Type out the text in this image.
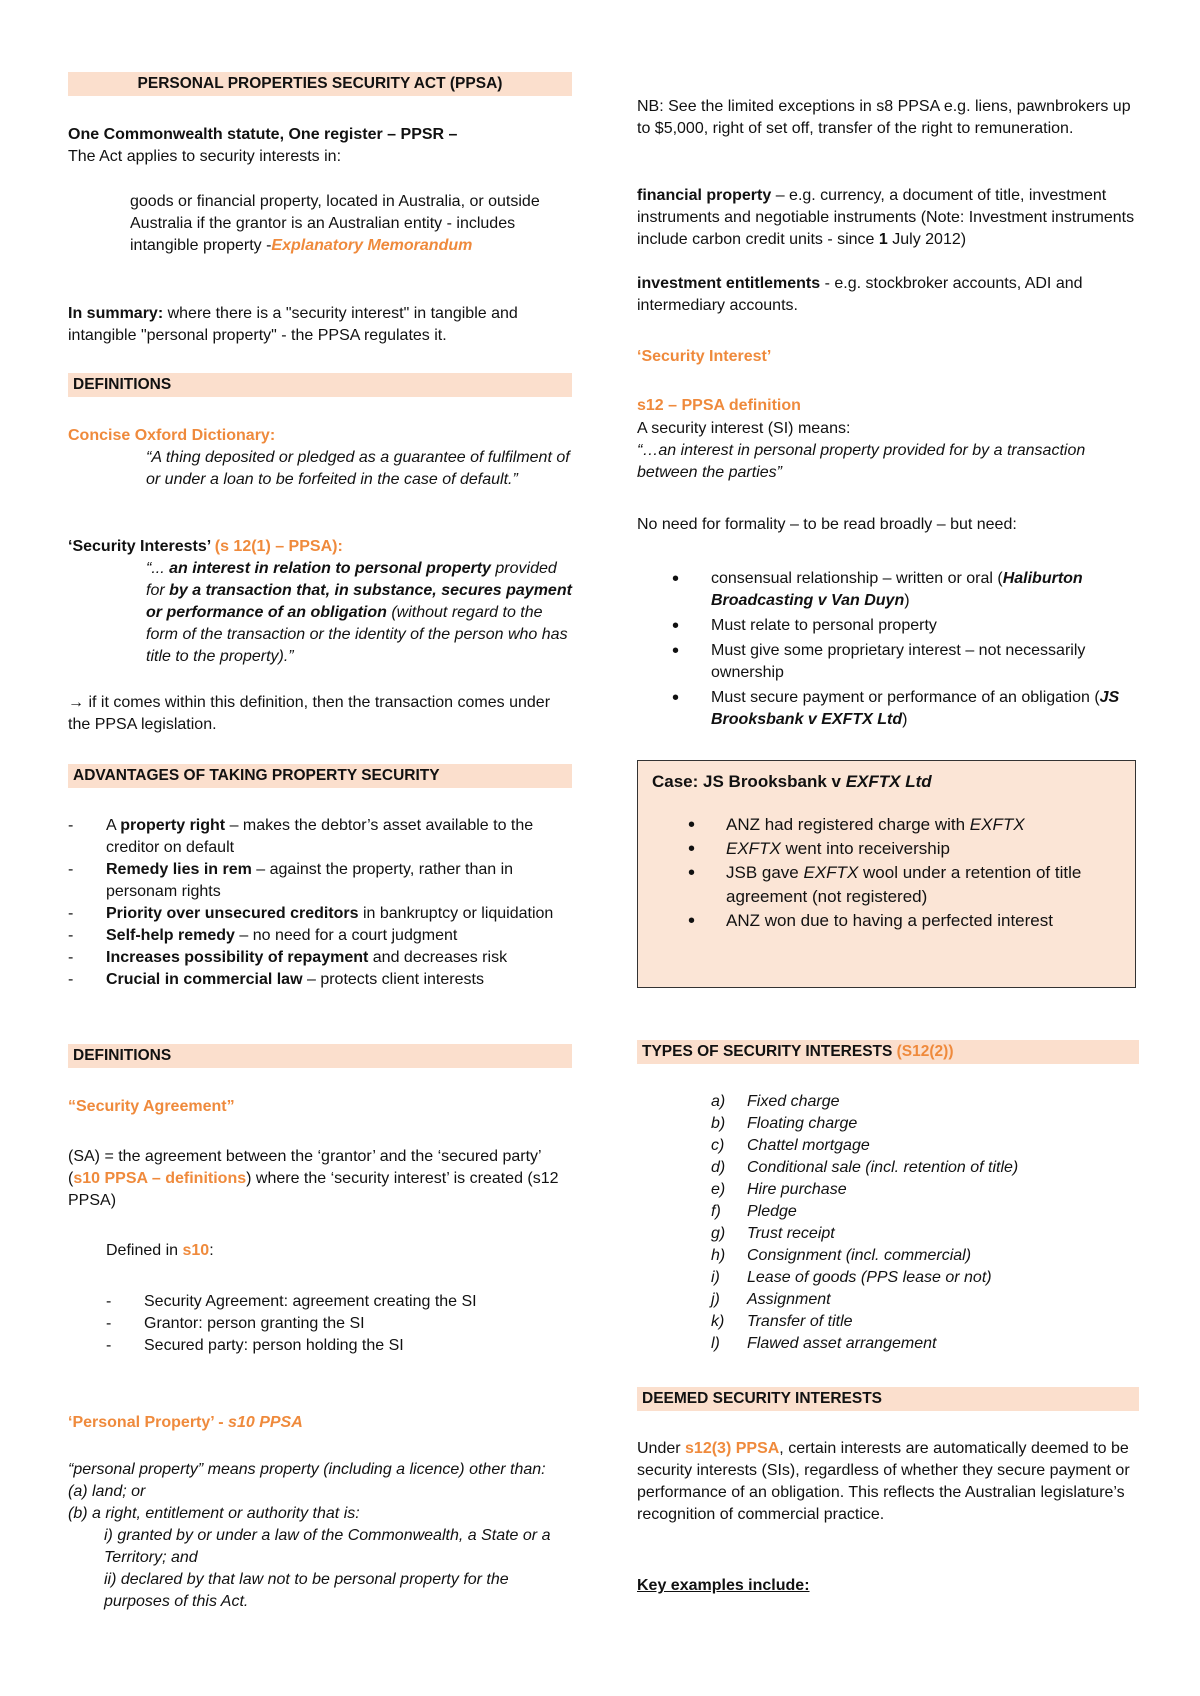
PERSONAL PROPERTIES SECURITY ACT (PPSA)

One Commonwealth statute, One register – PPSR –

The Act applies to security interests in:

goods or financial property, located in Australia, or outside Australia if the grantor is an Australian entity - includes intangible property -Explanatory Memorandum
In summary: where there is a "security interest" in tangible and intangible "personal property" - the PPSA regulates it.
DEFINITIONS
Concise Oxford Dictionary:
“A thing deposited or pledged as a guarantee of fulfilment of or under a loan to be forfeited in the case of default.”
‘Security Interests’ (s 12(1) – PPSA):
“... an interest in relation to personal property provided for by a transaction that, in substance, secures payment or performance of an obligation (without regard to the form of the transaction or the identity of the person who has title to the property).”
→ if it comes within this definition, then the transaction comes under the PPSA legislation.
ADVANTAGES OF TAKING PROPERTY SECURITY
- A property right – makes the debtor’s asset available to the creditor on default
- Remedy lies in rem – against the property, rather than in personam rights
- Priority over unsecured creditors in bankruptcy or liquidation
- Self-help remedy – no need for a court judgment
- Increases possibility of repayment and decreases risk
- Crucial in commercial law – protects client interests
DEFINITIONS
“Security Agreement”
(SA) = the agreement between the ‘grantor’ and the ‘secured party’ (s10 PPSA – definitions) where the ‘security interest’ is created (s12 PPSA)
Defined in s10:
- Security Agreement: agreement creating the SI
- Grantor: person granting the SI
- Secured party: person holding the SI
‘Personal Property’ - s10 PPSA

“personal property” means property (including a licence) other than:

(a) land; or

(b) a right, entitlement or authority that is:

i) granted by or under a law of the Commonwealth, a State or a Territory; and

ii) declared by that law not to be personal property for the purposes of this Act.

NB: See the limited exceptions in s8 PPSA e.g. liens, pawnbrokers up to $5,000, right of set off, transfer of the right to remuneration.
financial property – e.g. currency, a document of title, investment instruments and negotiable instruments (Note: Investment instruments include carbon credit units - since 1 July 2012)
investment entitlements - e.g. stockbroker accounts, ADI and intermediary accounts.
‘Security Interest’
s12 – PPSA definition
A security interest (SI) means:
“…an interest in personal property provided for by a transaction between the parties”
No need for formality – to be read broadly – but need:
• consensual relationship – written or oral (Haliburton Broadcasting v Van Duyn)
• Must relate to personal property
• Must give some proprietary interest – not necessarily ownership
• Must secure payment or performance of an obligation (JS Brooksbank v EXFTX Ltd)
Case: JS Brooksbank v EXFTX Ltd
• ANZ had registered charge with EXFTX
• EXFTX went into receivership
• JSB gave EXFTX wool under a retention of title agreement (not registered)
• ANZ won due to having a perfected interest
TYPES OF SECURITY INTERESTS (S12(2))
a) Fixed charge
b) Floating charge
c) Chattel mortgage
d) Conditional sale (incl. retention of title)
e) Hire purchase
f) Pledge
g) Trust receipt
h) Consignment (incl. commercial)
i) Lease of goods (PPS lease or not)
j) Assignment
k) Transfer of title
l) Flawed asset arrangement
DEEMED SECURITY INTERESTS
Under s12(3) PPSA, certain interests are automatically deemed to be security interests (SIs), regardless of whether they secure payment or performance of an obligation. This reflects the Australian legislature’s recognition of commercial practice.
Key examples include:
